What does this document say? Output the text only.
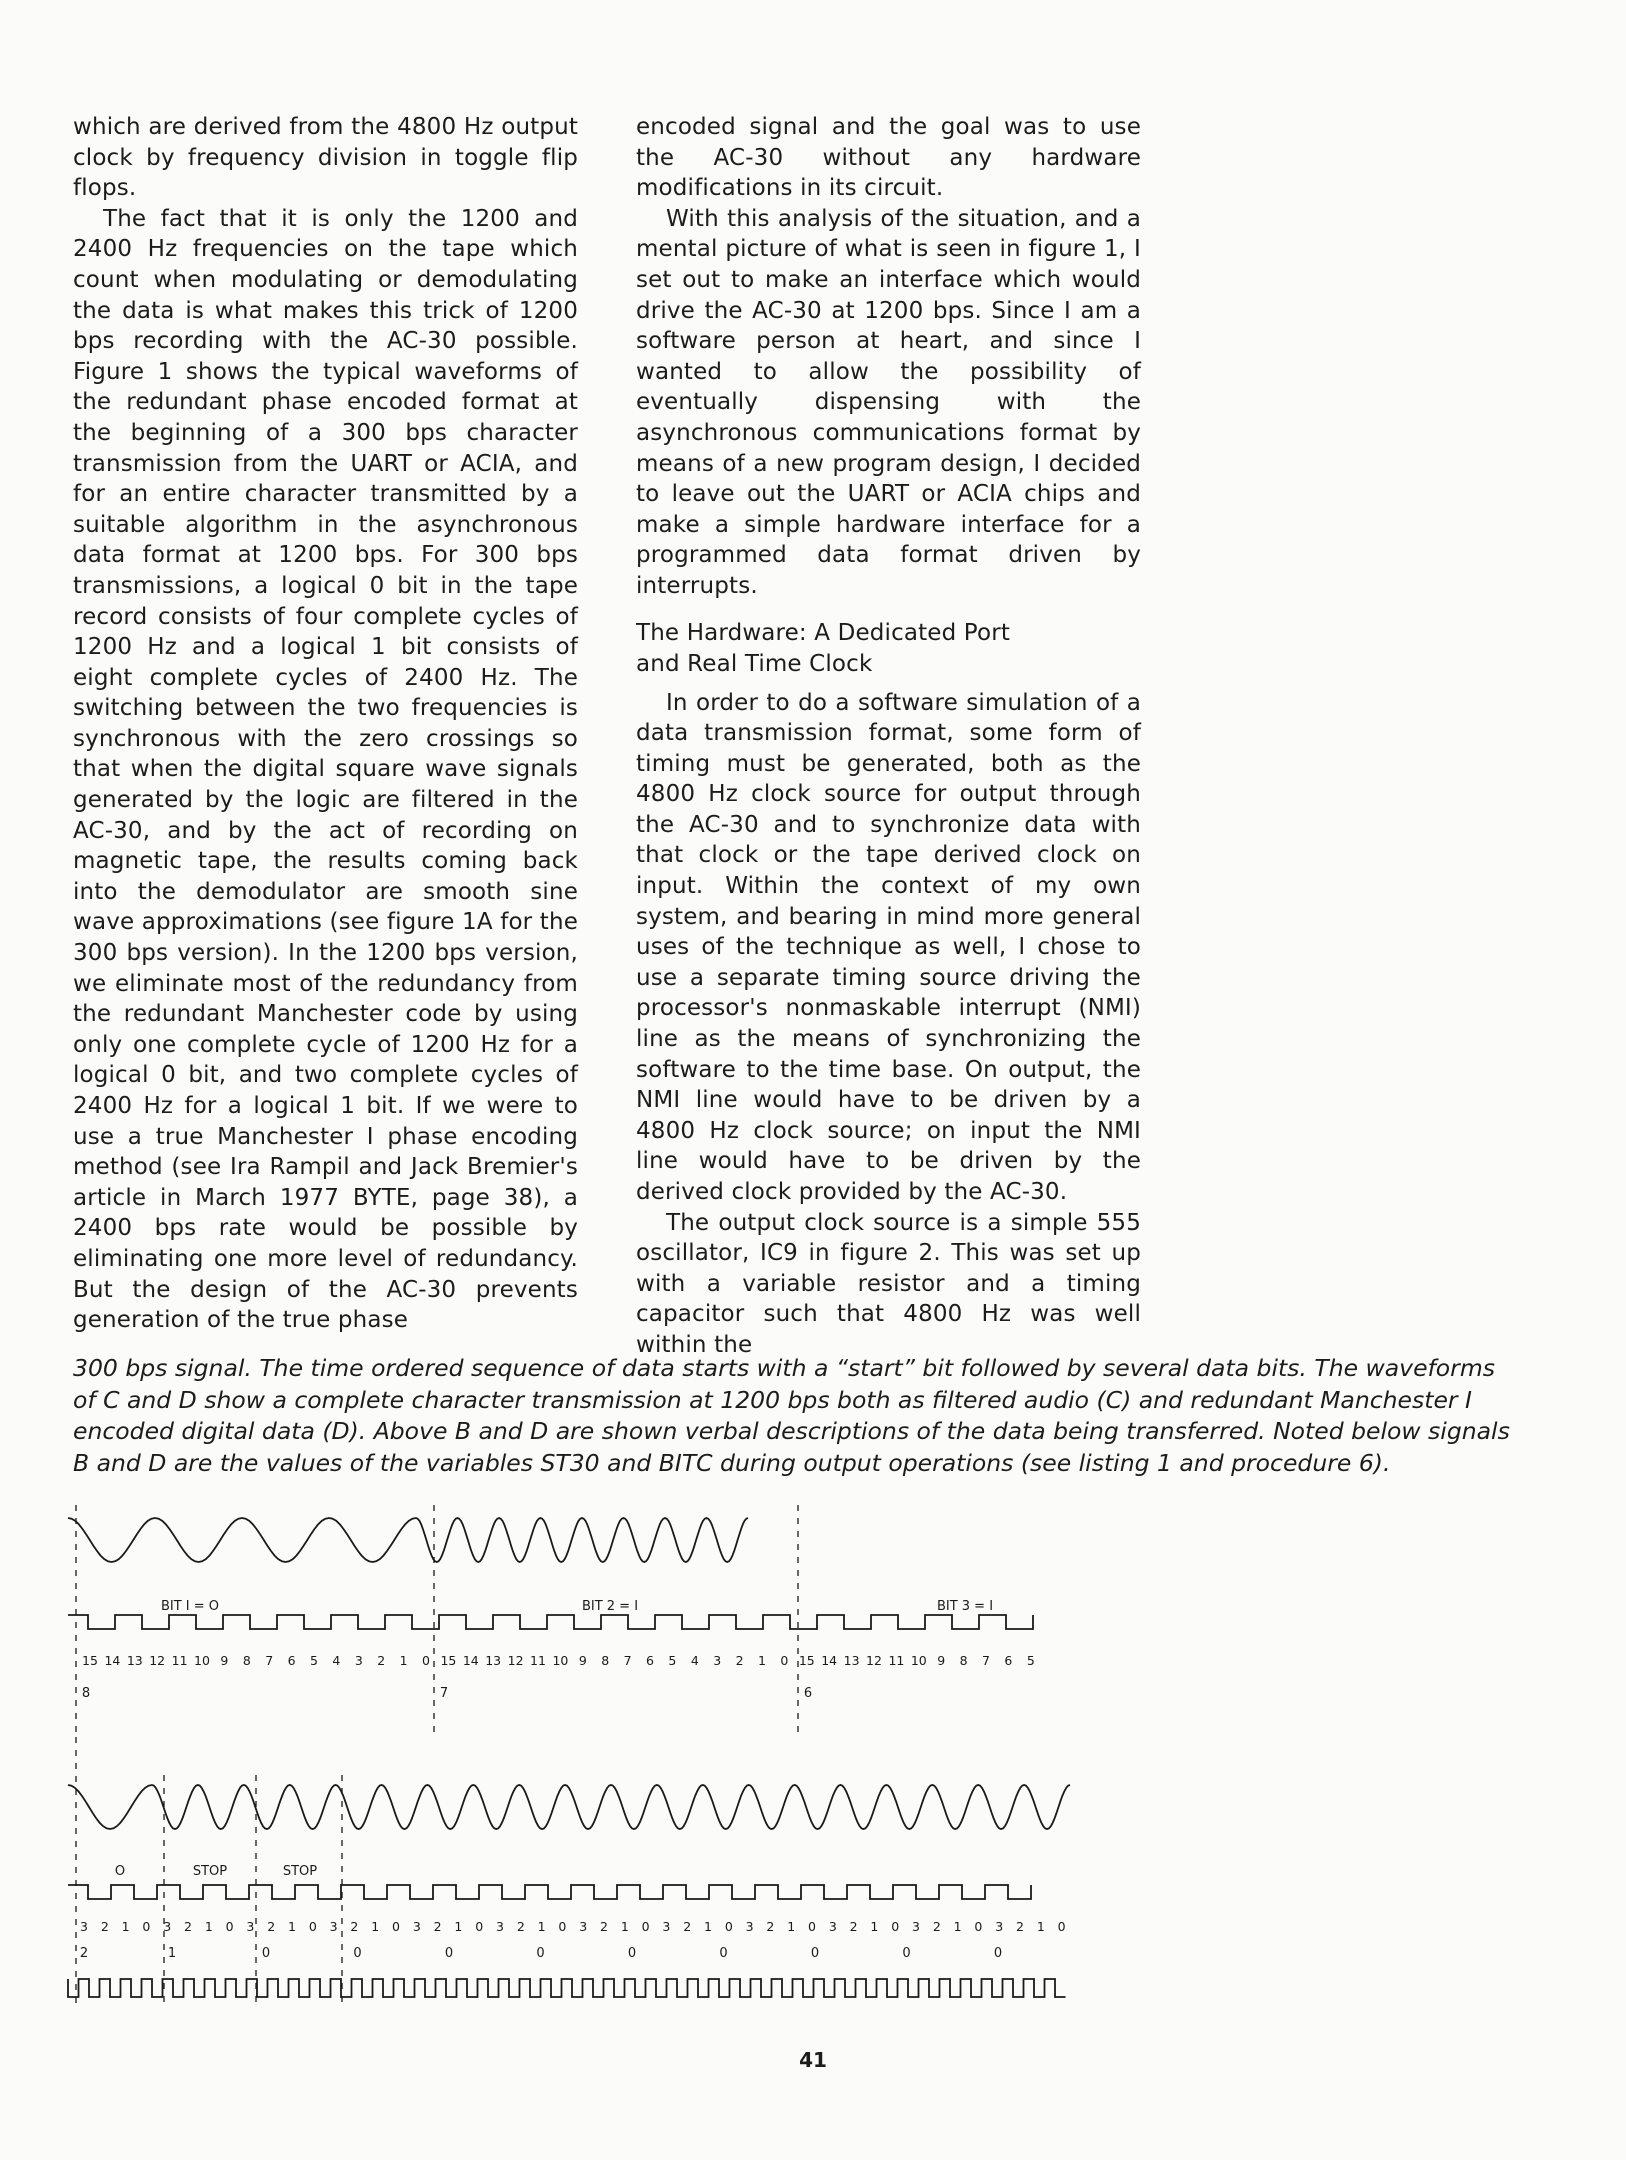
which are derived from the 4800 Hz output clock by frequency division in toggle flip flops.

The fact that it is only the 1200 and 2400 Hz frequencies on the tape which count when modulating or demodulating the data is what makes this trick of 1200 bps recording with the AC-30 possible. Figure 1 shows the typical waveforms of the redundant phase encoded format at the beginning of a 300 bps character transmission from the UART or ACIA, and for an entire character transmitted by a suitable algorithm in the asynchronous data format at 1200 bps. For 300 bps transmissions, a logical 0 bit in the tape record consists of four complete cycles of 1200 Hz and a logical 1 bit consists of eight complete cycles of 2400 Hz. The switching between the two frequencies is synchronous with the zero crossings so that when the digital square wave signals generated by the logic are filtered in the AC-30, and by the act of recording on magnetic tape, the results coming back into the demodulator are smooth sine wave approximations (see figure 1A for the 300 bps version). In the 1200 bps version, we eliminate most of the redundancy from the redundant Manchester code by using only one complete cycle of 1200 Hz for a logical 0 bit, and two complete cycles of 2400 Hz for a logical 1 bit. If we were to use a true Manchester I phase encoding method (see Ira Rampil and Jack Bremier's article in March 1977 BYTE, page 38), a 2400 bps rate would be possible by eliminating one more level of redundancy. But the design of the AC-30 prevents generation of the true phase

encoded signal and the goal was to use the AC-30 without any hardware modifications in its circuit.

With this analysis of the situation, and a mental picture of what is seen in figure 1, I set out to make an interface which would drive the AC-30 at 1200 bps. Since I am a software person at heart, and since I wanted to allow the possibility of eventually dispensing with the asynchronous communications format by means of a new program design, I decided to leave out the UART or ACIA chips and make a simple hardware interface for a programmed data format driven by interrupts.

The Hardware: A Dedicated Port
and Real Time Clock

In order to do a software simulation of a data transmission format, some form of timing must be generated, both as the 4800 Hz clock source for output through the AC-30 and to synchronize data with that clock or the tape derived clock on input. Within the context of my own system, and bearing in mind more general uses of the technique as well, I chose to use a separate timing source driving the processor's nonmaskable interrupt (NMI) line as the means of synchronizing the software to the time base. On output, the NMI line would have to be driven by a 4800 Hz clock source; on input the NMI line would have to be driven by the derived clock provided by the AC-30.

The output clock source is a simple 555 oscillator, IC9 in figure 2. This was set up with a variable resistor and a timing capacitor such that 4800 Hz was well within the

300 bps signal. The time ordered sequence of data starts with a “start” bit followed by several data bits. The waveforms of C and D show a complete character transmission at 1200 bps both as filtered audio (C) and redundant Manchester I encoded digital data (D). Above B and D are shown verbal descriptions of the data being transferred. Noted below signals B and D are the values of the variables ST30 and BITC during output operations (see listing 1 and procedure 6).
BIT I = O	BIT 2 = I	BIT 3 = I
15 14 13 12 11 10 9 8 7 6 5 4 3 2 1 0 15 14 13 12 11 10 9 8 7 6 5 4 3 2 1 0 15 14 13 12 11 10 9 8 7 6 5
8	7	6
O	STOP	STOP
3 2 1 0 3 2 1 0 3 2 1 0 3 2 1 0 3 2 1 0 3 2 1 0 3 2 1 0 3 2 1 0 3 2 1 0 3 2 1 0 3 2 1 0 3 2 1 0
2	1	0	0	0	0	0	0	0	0	0
41
